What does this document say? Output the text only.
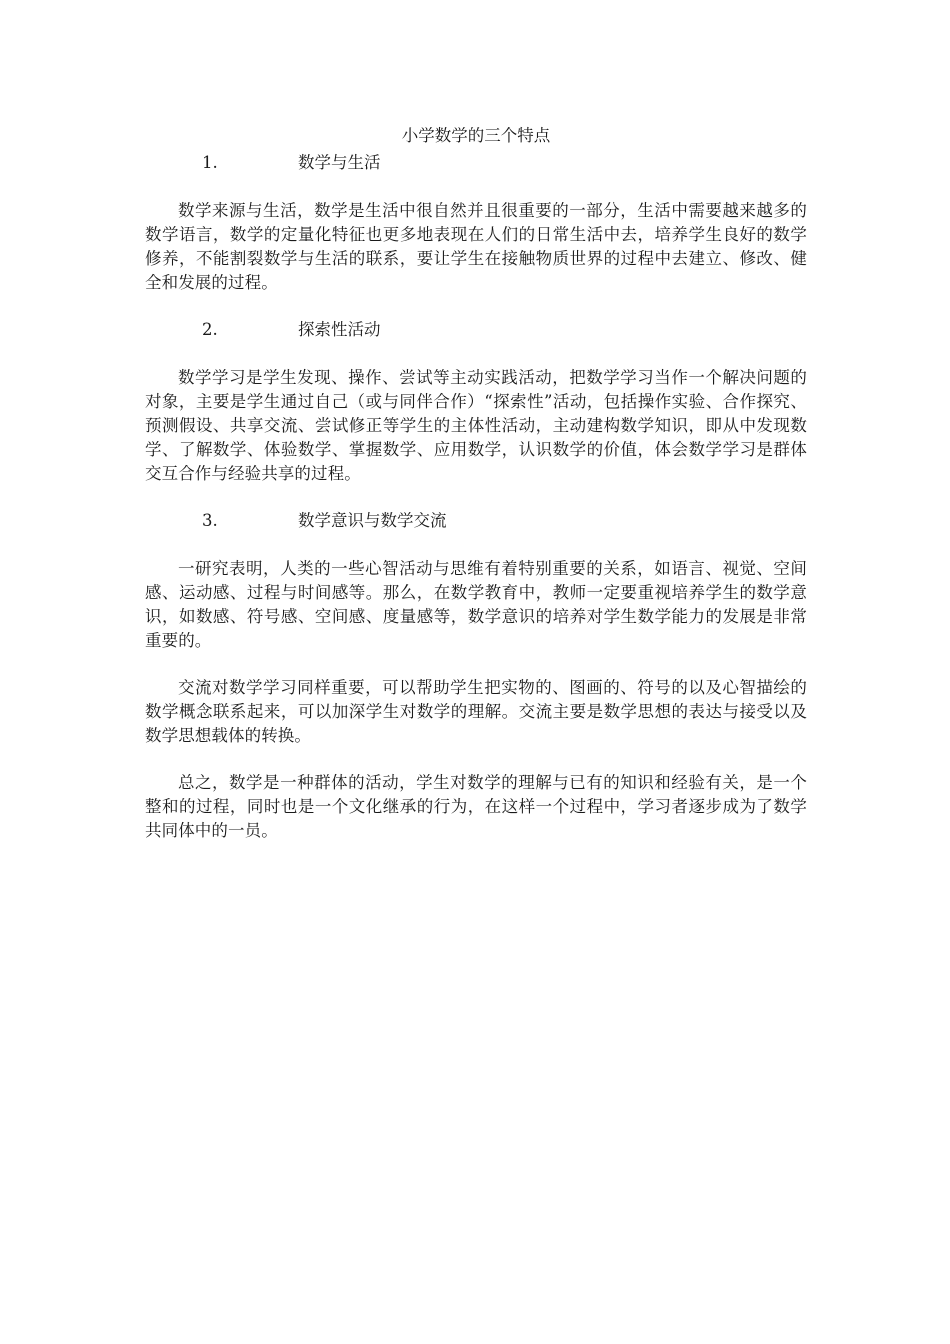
小学数学的三个特点
1.	数学与生活

数学来源与生活，数学是生活中很自然并且很重要的一部分，生活中需要越来越多的数学语言，数学的定量化特征也更多地表现在人们的日常生活中去，培养学生良好的数学修养，不能割裂数学与生活的联系，要让学生在接触物质世界的过程中去建立、修改、健全和发展的过程。

2.	探索性活动

数学学习是学生发现、操作、尝试等主动实践活动，把数学学习当作一个解决问题的对象，主要是学生通过自己（或与同伴合作）“探索性”活动，包括操作实验、合作探究、预测假设、共享交流、尝试修正等学生的主体性活动，主动建构数学知识，即从中发现数学、了解数学、体验数学、掌握数学、应用数学，认识数学的价值，体会数学学习是群体交互合作与经验共享的过程。

3.	数学意识与数学交流

一研究表明，人类的一些心智活动与思维有着特别重要的关系，如语言、视觉、空间感、运动感、过程与时间感等。那么，在数学教育中，教师一定要重视培养学生的数学意识，如数感、符号感、空间感、度量感等，数学意识的培养对学生数学能力的发展是非常重要的。

交流对数学学习同样重要，可以帮助学生把实物的、图画的、符号的以及心智描绘的数学概念联系起来，可以加深学生对数学的理解。交流主要是数学思想的表达与接受以及数学思想载体的转换。

总之，数学是一种群体的活动，学生对数学的理解与已有的知识和经验有关，是一个整和的过程，同时也是一个文化继承的行为，在这样一个过程中，学习者逐步成为了数学共同体中的一员。
